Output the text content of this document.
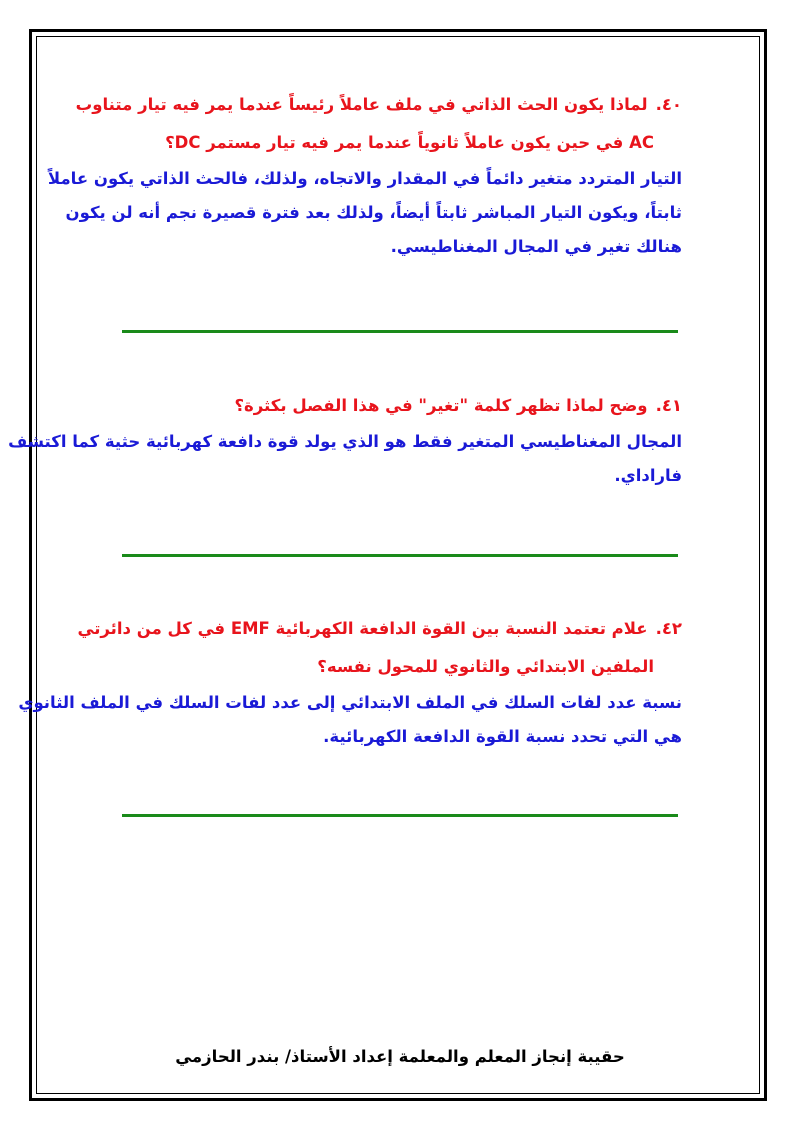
٤٠.لماذا يكون الحث الذاتي في ملف عاملاً رئيساً عندما يمر فيه تيار متناوب
AC في حين يكون عاملاً ثانوياً عندما يمر فيه تيار مستمر DC؟
التيار المتردد متغير دائماً في المقدار والاتجاه، ولذلك، فالحث الذاتي يكون عاملاً
ثابتاً، ويكون التيار المباشر ثابتاً أيضاً، ولذلك بعد فترة قصيرة نجم أنه لن يكون
هنالك تغير في المجال المغناطيسي.
٤١.وضح لماذا تظهر كلمة "تغير" في هذا الفصل بكثرة؟
المجال المغناطيسي المتغير فقط هو الذي يولد قوة دافعة كهربائية حثية كما اكتشف
فاراداي.
٤٢.علام تعتمد النسبة بين القوة الدافعة الكهربائية EMF في كل من دائرتي
الملفين الابتدائي والثانوي للمحول نفسه؟
نسبة عدد لفات السلك في الملف الابتدائي إلى عدد لفات السلك في الملف الثانوي
هي التي تحدد نسبة القوة الدافعة الكهربائية.
حقيبة إنجاز المعلم والمعلمة إعداد الأستاذ/ بندر الحازمي
